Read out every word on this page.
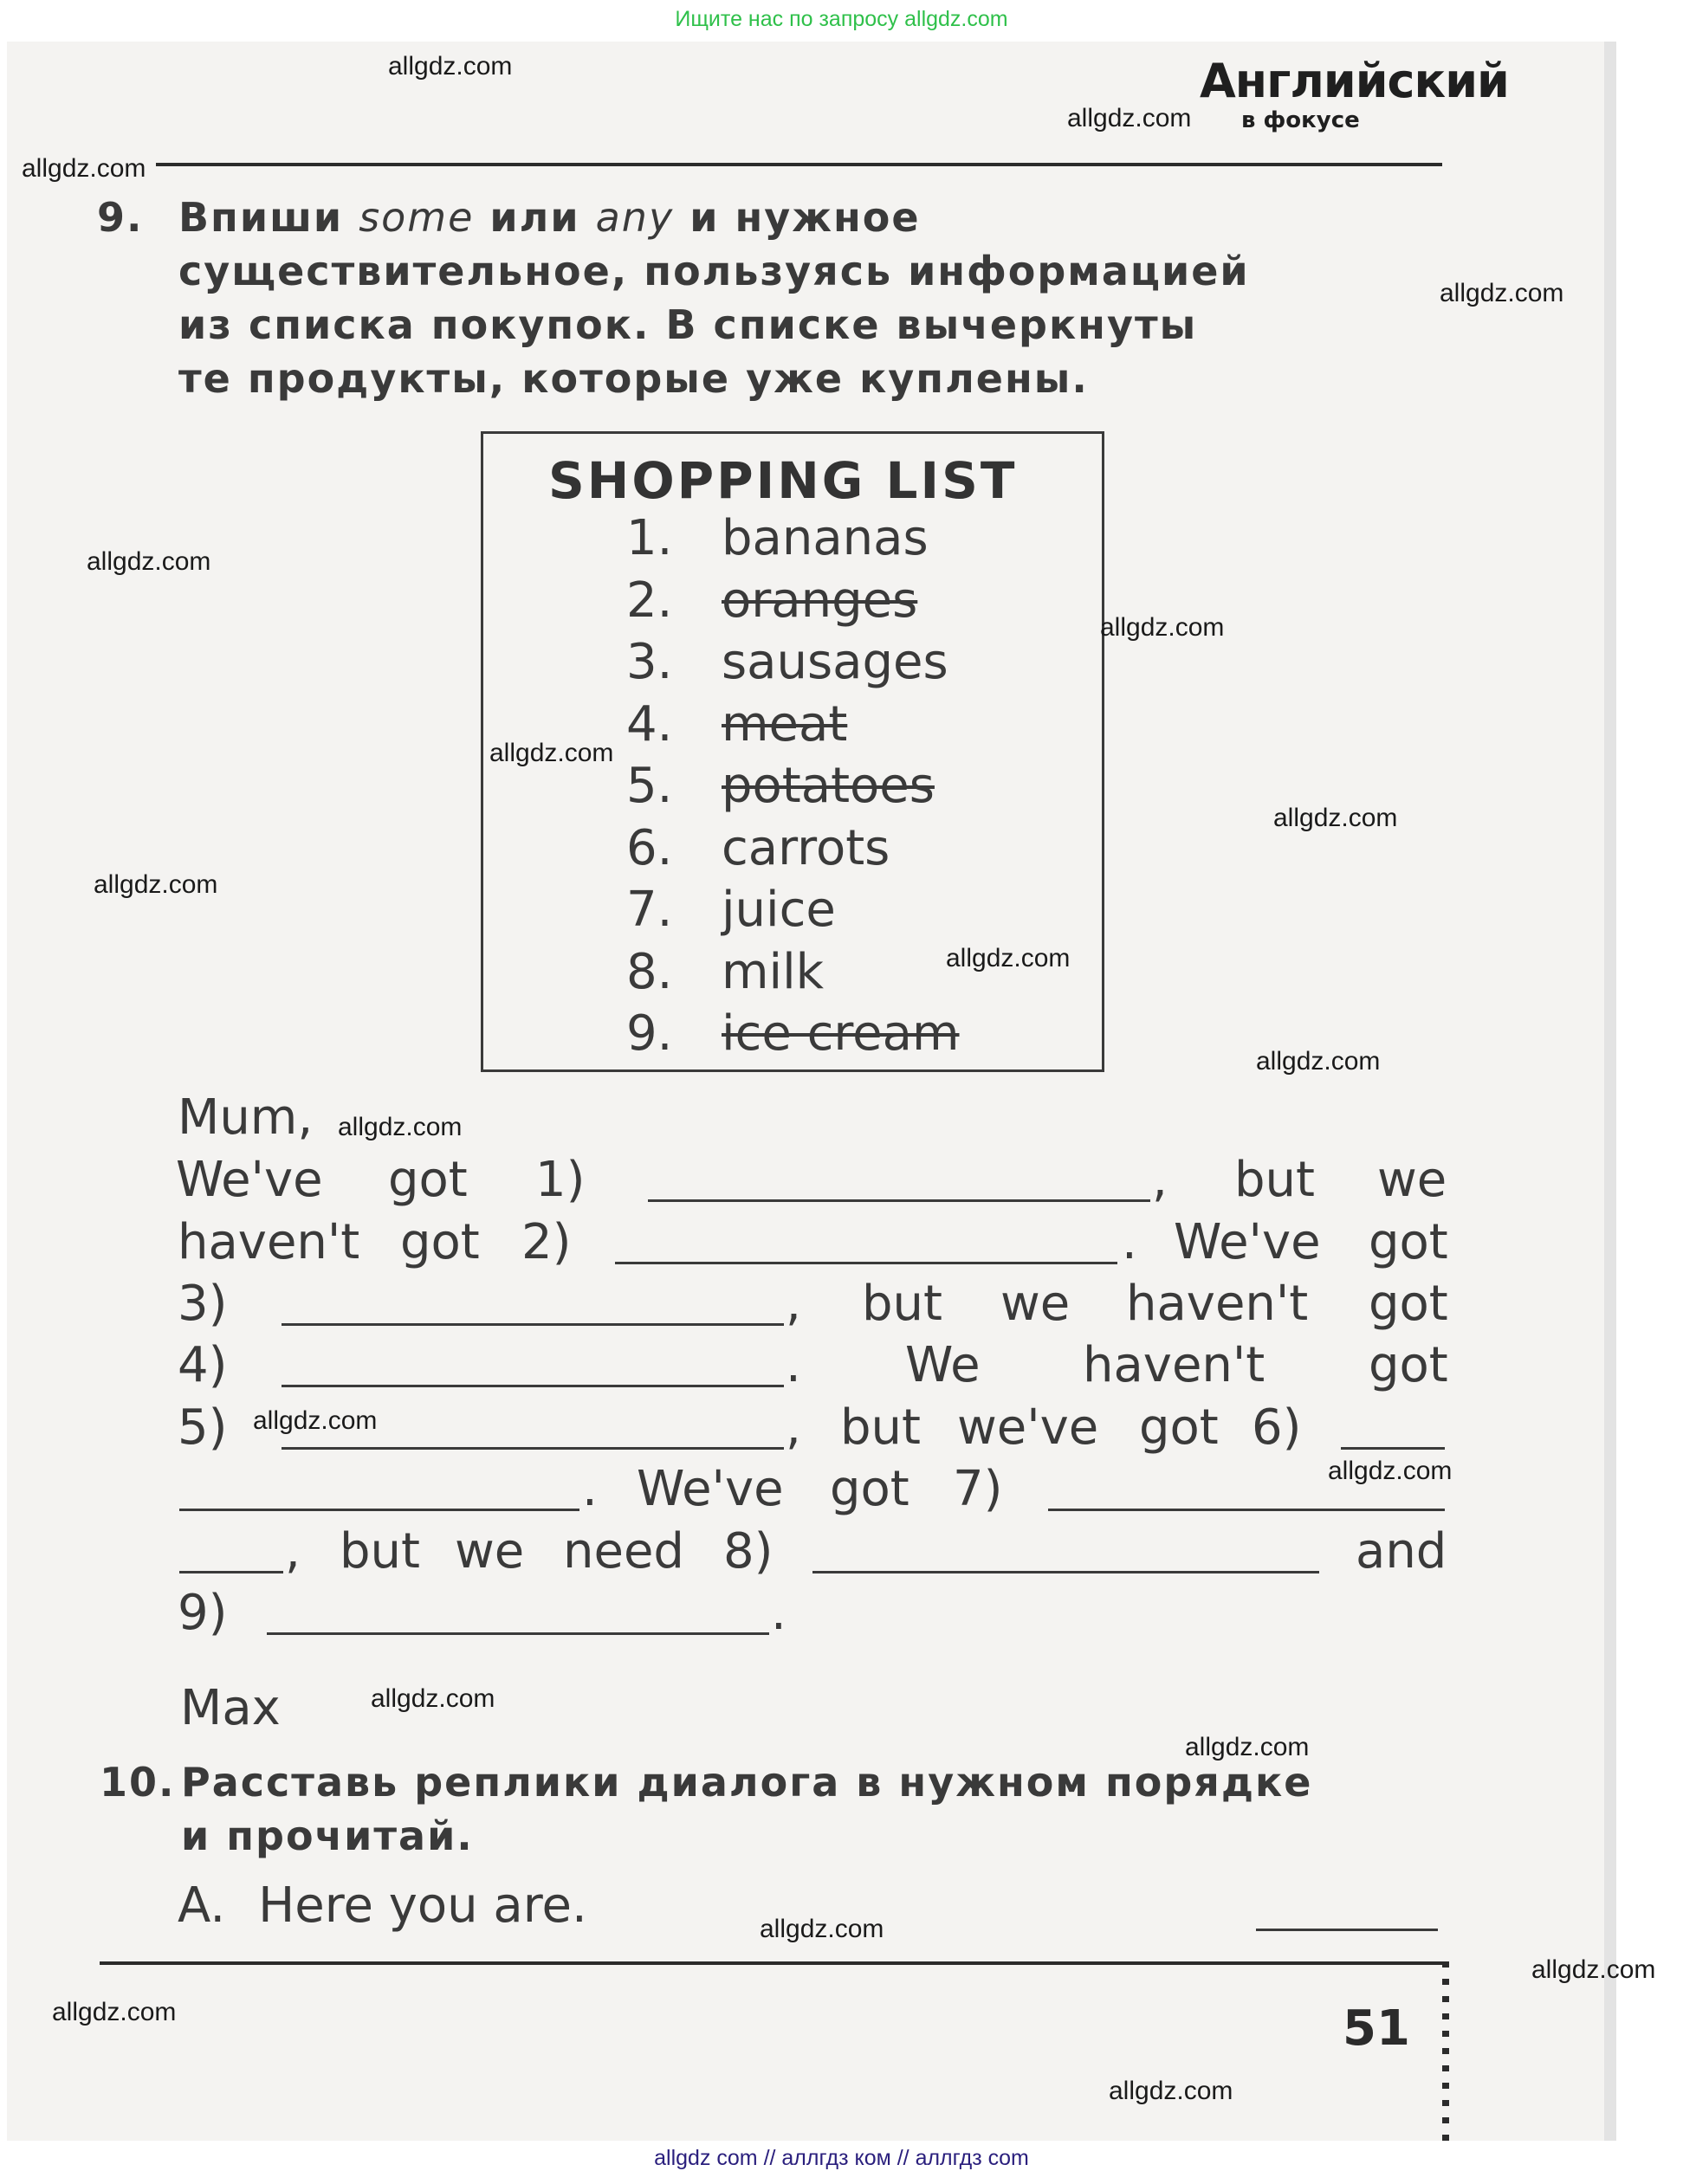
Ищите нас по запросу allgdz.com
Английский
в фокусе
9. Впиши some или any и нужное
существительное, пользуясь информацией
из списка покупок. В списке вычеркнуты
те продукты, которые уже куплены.
SHOPPING LIST
1. bananas
2. oranges
3. sausages
4. meat
5. potatoes
6. carrots
7. juice
8. milk
9. ice cream
Mum,
We've got 1)	, but we
haven't got 2)	. We've got
3)	, but we haven't got
4)	. We haven't got
5)	, but we've got 6)
. We've got 7)
, but we need 8)	and
9)	.
Max
10. Расставь реплики диалога в нужном порядке
и прочитай.
A. Here you are.
51
allgdz.com
allgdz.com
allgdz.com
allgdz.com
allgdz.com
allgdz.com
allgdz.com
allgdz.com
allgdz.com
allgdz.com
allgdz.com
allgdz.com
allgdz.com
allgdz.com
allgdz.com
allgdz.com
allgdz.com
allgdz.com
allgdz.com
allgdz.com
allgdz com // аллгдз ком // аллгдз com
